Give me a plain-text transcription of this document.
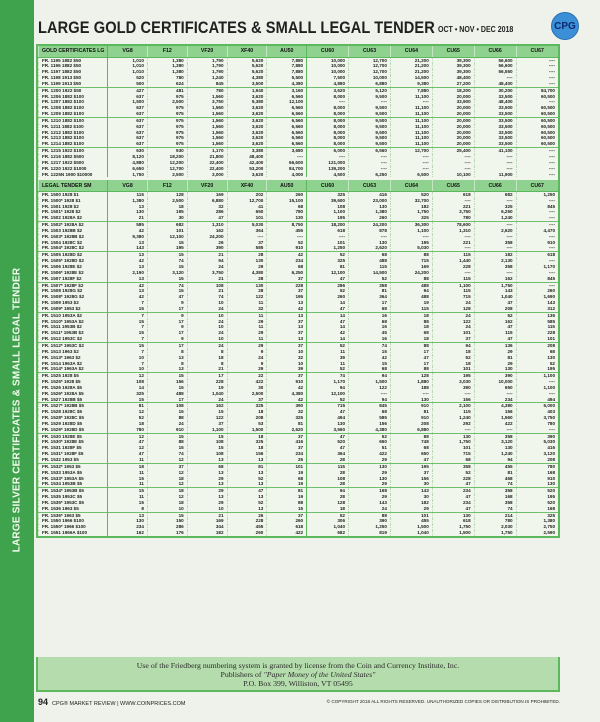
LARGE SILVER CERTIFICATES & SMALL LEGAL TENDER
LARGE GOLD CERTIFICATES & SMALL LEGAL TENDER OCT • NOV • DEC 2018	CPG
GOLD CERTIFICATES LG	VG8	F12	VF20	XF40	AU50	CU60	CU63	CU64	CU65	CU66	CU67
FR. 1195 1882 $50	1,010	1,380	1,790	5,620	7,880	10,000	12,700	21,200	39,300	56,600	----
FR. 1196 1882 $50	1,010	1,380	1,790	5,620	7,880	10,000	12,700	21,200	39,300	56,600	----
FR. 1197 1882 $50	1,010	1,380	1,790	5,620	7,880	10,000	12,700	21,200	39,300	56,550	----
FR. 1198 1913 $50	520	780	1,240	4,380	5,500	7,500	10,000	14,500	48,400	----	----
FR. 1199 1913 $50	500	624	845	3,500	4,380	4,880	6,880	9,380	27,200	48,400	----
FR. 1200 1922 $50	427	481	780	1,940	3,160	3,620	5,120	7,880	18,200	30,200	84,700
FR. 1206 1882 $100	637	975	1,560	3,620	6,560	8,000	9,500	11,100	20,000	33,500	60,500
FR. 1207 1882 $100	1,500	2,500	3,750	9,380	12,100	----	----	----	33,900	48,400	----
FR. 1208 1882 $100	637	975	1,560	3,620	6,560	8,000	9,500	11,100	20,000	33,500	60,500
FR. 1209 1882 $100	637	975	1,560	3,620	6,560	8,000	9,500	11,100	20,000	33,500	60,500
FR. 1210 1882 $100	637	975	1,560	3,620	6,560	8,000	9,500	11,100	20,000	33,500	60,500
FR. 1211 1882 $100	637	975	1,560	3,620	6,560	8,000	9,500	11,100	20,000	33,500	60,500
FR. 1212 1882 $100	637	975	1,560	3,620	6,560	8,000	9,500	11,100	20,000	33,500	60,500
FR. 1213 1882 $100	637	975	1,560	3,620	6,560	8,000	9,500	11,100	20,000	33,500	60,500
FR. 1214 1882 $100	637	975	1,560	3,620	6,560	8,000	9,500	11,100	20,000	33,500	60,500
FR. 1215 1922 $100	630	930	1,170	3,380	3,680	5,000	6,560	12,700	25,400	41,100	----
FR. 1216 1882 $500	8,120	18,200	21,800	48,400	----	----	----	----	----	----	----
FR. 1217 1922 $500	4,880	12,200	22,400	42,400	66,600	121,000	----	----	----	----	----
FR. 1220 1922 $1000	6,650	12,700	22,400	53,200	84,700	139,200	----	----	----	----	----
FR. 1225N 1900 $10000	1,750	2,500	3,000	3,620	4,000	4,500	6,250	6,500	10,100	11,900	----

LEGAL TENDER SM	VG8	F12	VF20	XF40	AU50	CU60	CU63	CU64	CU65	CU66	CU67
FR. 1500 1928 $1	115	128	169	202	260	325	416	520	618	682	1,250
FR. 1500* 1928 $1	1,380	2,500	6,880	12,700	15,100	39,600	23,000	32,700	----	----	----
FR. 1501 1928 $2	13	18	32	41	68	108	130	182	221	325	845
FR. 1501* 1928 $2	130	195	286	650	780	1,100	1,380	1,750	3,750	6,250	----
FR. 1502 1928A $2	21	30	47	101	130	195	260	325	780	1,240	----
FR. 1502* 1928A $2	585	682	1,310	5,030	8,750	18,200	24,200	36,300	78,600	----	----
FR. 1503 1928B $2	42	101	162	364	455	618	878	1,100	1,310	2,620	4,470
FR. 1503* 1928B $2	9,380	12,100	24,200	----	----	----	----	----	----	----	----
FR. 1504 1928C $2	13	15	26	37	52	101	130	195	221	358	910
FR. 1504* 1928C $2	143	195	390	585	910	1,250	2,620	5,030	----	----	----
FR. 1505 1928D $2	13	15	21	28	42	52	68	88	115	182	618
FR. 1505* 1928D $2	42	74	94	130	234	325	488	715	1,440	2,130	----
FR. 1506 1928E $2	13	15	24	29	68	81	115	169	228	358	1,170
FR. 1506* 1928E $2	2,190	3,120	3,750	4,380	6,250	12,100	14,500	24,200	----	----	----
FR. 1507 1928F $2	13	15	21	28	37	47	52	88	115	162	845
FR. 1507* 1928F $2	42	74	108	130	228	286	358	488	1,100	1,750	----
FR. 1508 1928G $2	13	15	21	28	37	52	81	94	115	143	260
FR. 1508* 1928G $2	42	47	74	122	195	260	364	488	715	1,040	1,690
FR. 1509 1953 $2	7	9	10	11	13	14	17	19	24	47	143
FR. 1509* 1953 $2	15	17	24	32	42	47	68	115	128	208	312
FR. 1510 1953A $2	7	9	10	11	13	14	16	18	24	52	136
FR. 1510* 1953A $2	15	17	24	29	37	47	68	88	122	162	585
FR. 1511 1953B $2	7	9	10	11	13	14	16	18	24	47	115
FR. 1511* 1953B $2	15	17	24	29	37	42	45	68	101	115	228
FR. 1512 1953C $2	7	9	10	11	13	14	16	18	37	47	101
FR. 1512* 1953C $2	15	17	24	29	37	52	74	88	94	136	208
FR. 1513 1963 $2	7	8	8	9	10	11	15	17	18	29	68
FR. 1513* 1963 $2	10	13	18	24	32	39	42	47	52	81	130
FR. 1514 1963A $2	7	8	8	9	10	11	15	17	18	29	52
FR. 1514* 1963A $2	10	13	21	29	39	52	68	88	101	130	195
FR. 1525 1928 $5	12	15	17	22	37	74	94	128	195	390	1,100
FR. 1525* 1928 $5	108	156	228	422	910	1,170	1,500	1,880	3,030	10,000	----
FR. 1526 1928A $5	14	15	19	30	42	94	122	188	390	650	1,100
FR. 1526* 1928A $5	325	488	1,040	2,500	4,380	12,100	----	----	----	----	----
FR. 1527 1928B $5	15	17	24	37	42	52	94	130	156	234	494
FR. 1527* 1928B $5	81	108	162	325	390	715	845	910	2,100	4,380	5,000
FR. 1528 1928C $5	12	15	15	18	32	47	68	81	115	156	403
FR. 1528* 1928C $5	52	88	122	208	325	494	585	910	1,240	1,560	3,750
FR. 1529 1928D $5	18	24	37	53	81	130	156	208	292	422	780
FR. 1529* 1928D $5	780	910	1,100	1,500	2,620	3,560	4,380	6,880	----	----	----
FR. 1530 1928E $5	12	15	15	18	37	47	52	88	130	358	390
FR. 1530* 1928E $5	47	88	108	325	416	520	650	748	1,750	3,120	5,030
FR. 1531 1928F $5	12	15	15	18	37	47	51	68	101	130	416
FR. 1531* 1928F $5	47	74	108	156	234	364	422	650	715	1,240	3,120
FR. 1532 1953 $5	11	12	13	13	25	28	29	47	68	94	208
FR. 1532* 1953 $5	18	37	68	81	101	115	130	195	358	455	780
FR. 1533 1953A $5	11	12	13	13	19	28	29	37	52	81	168
FR. 1533* 1953A $5	15	18	29	52	68	108	130	156	228	468	910
FR. 1534 1953B $5	11	12	13	13	19	28	29	30	47	74	130
FR. 1534* 1953B $5	15	18	29	47	81	94	168	143	234	358	520
FR. 1535 1953C $5	11	12	13	13	19	28	29	30	47	168	195
FR. 1535* 1953C $5	15	18	29	52	88	128	143	182	234	358	520
FR. 1536 1963 $5	8	10	10	13	15	18	24	29	47	74	168
FR. 1536* 1963 $5	13	15	21	26	37	52	88	101	130	214	325
FR. 1550 1966 $100	130	150	169	228	260	306	390	455	618	780	1,380
FR. 1550* 1966 $100	234	286	344	455	618	1,040	1,250	1,500	1,750	2,030	2,750
FR. 1551 1966A $100	162	176	182	260	422	682	819	1,040	1,500	1,750	2,590
Use of the Friedberg numbering system is granted by license from the Coin and Currency Institute, Inc.
Publishers of "Paper Money of the United States"
P.O. Box 399, Williston, VT 05495
94 CPG® MARKET REVIEW | WWW.COINPRICES.COM	© COPYRIGHT 2018 ALL RIGHTS RESERVED. UNAUTHORIZED COPIES OR DISTRIBUTION IS PROHIBITED.
